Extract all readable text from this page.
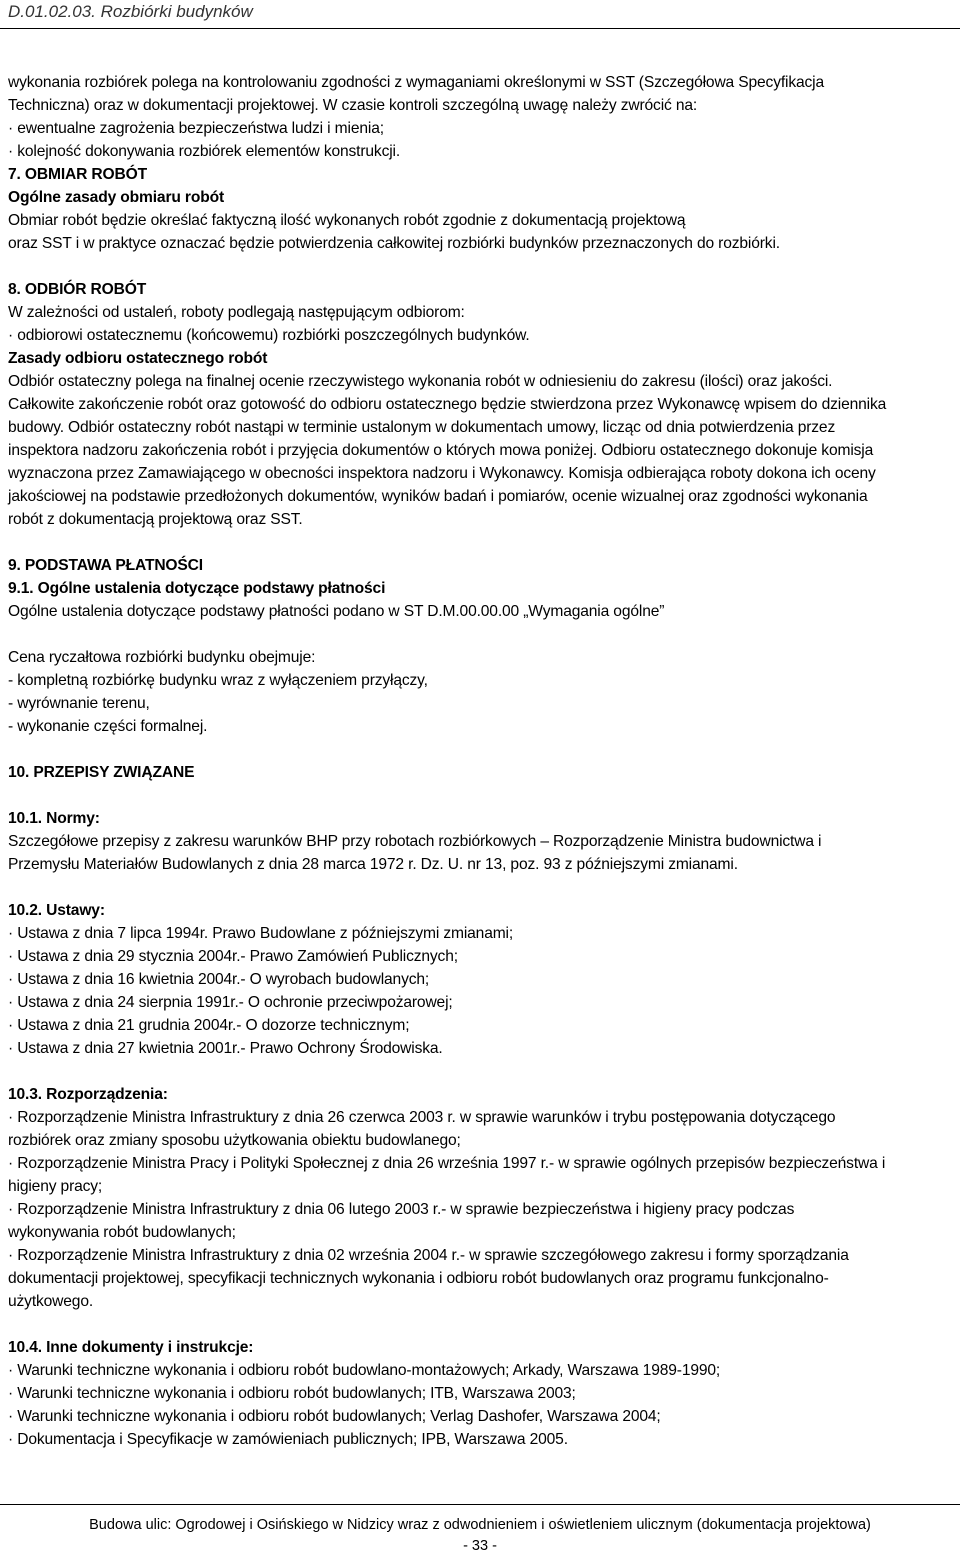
D.01.02.03. Rozbiórki budynków

wykonania rozbiórek polega na kontrolowaniu zgodności z wymaganiami określonymi w SST (Szczegółowa Specyfikacja

Techniczna) oraz w dokumentacji projektowej. W czasie kontroli szczególną uwagę należy zwrócić na:

· ewentualne zagrożenia bezpieczeństwa ludzi i mienia;

· kolejność dokonywania rozbiórek elementów konstrukcji.

7. OBMIAR ROBÓT

Ogólne zasady obmiaru robót

Obmiar robót będzie określać faktyczną ilość wykonanych robót zgodnie z dokumentacją projektową

oraz SST i w praktyce oznaczać będzie potwierdzenia całkowitej rozbiórki budynków przeznaczonych do rozbiórki.

8. ODBIÓR ROBÓT

W zależności od ustaleń, roboty podlegają następującym odbiorom:

· odbiorowi ostatecznemu (końcowemu) rozbiórki poszczególnych budynków.

Zasady odbioru ostatecznego robót

Odbiór ostateczny polega na finalnej ocenie rzeczywistego wykonania robót w odniesieniu do zakresu (ilości) oraz jakości.

Całkowite zakończenie robót oraz gotowość do odbioru ostatecznego będzie stwierdzona przez Wykonawcę wpisem do dziennika

budowy. Odbiór ostateczny robót nastąpi w terminie ustalonym w dokumentach umowy, licząc od dnia potwierdzenia przez

inspektora nadzoru zakończenia robót i przyjęcia dokumentów o których mowa poniżej. Odbioru ostatecznego dokonuje komisja

wyznaczona przez Zamawiającego w obecności inspektora nadzoru i Wykonawcy. Komisja odbierająca roboty dokona ich oceny

jakościowej na podstawie przedłożonych dokumentów, wyników badań i pomiarów, ocenie wizualnej oraz zgodności wykonania

robót z dokumentacją projektową oraz SST.

9. PODSTAWA PŁATNOŚCI

9.1. Ogólne ustalenia dotyczące podstawy płatności

Ogólne ustalenia dotyczące podstawy płatności podano w ST D.M.00.00.00 „Wymagania ogólne”

Cena ryczałtowa rozbiórki budynku obejmuje:

- kompletną rozbiórkę budynku wraz z wyłączeniem przyłączy,

- wyrównanie terenu,

- wykonanie części formalnej.

10. PRZEPISY ZWIĄZANE

10.1. Normy:

Szczegółowe przepisy z zakresu warunków BHP przy robotach rozbiórkowych – Rozporządzenie Ministra budownictwa i

Przemysłu Materiałów Budowlanych z dnia 28 marca 1972 r. Dz. U. nr 13, poz. 93 z późniejszymi zmianami.

10.2. Ustawy:

· Ustawa z dnia 7 lipca 1994r. Prawo Budowlane z późniejszymi zmianami;

· Ustawa z dnia 29 stycznia 2004r.- Prawo Zamówień Publicznych;

· Ustawa z dnia 16 kwietnia 2004r.- O wyrobach budowlanych;

· Ustawa z dnia 24 sierpnia 1991r.- O ochronie przeciwpożarowej;

· Ustawa z dnia 21 grudnia 2004r.- O dozorze technicznym;

· Ustawa z dnia 27 kwietnia 2001r.- Prawo Ochrony Środowiska.

10.3. Rozporządzenia:

· Rozporządzenie Ministra Infrastruktury z dnia 26 czerwca 2003 r. w sprawie warunków i trybu postępowania dotyczącego

rozbiórek oraz zmiany sposobu użytkowania obiektu budowlanego;

· Rozporządzenie Ministra Pracy i Polityki Społecznej z dnia 26 września 1997 r.- w sprawie ogólnych przepisów bezpieczeństwa i

higieny pracy;

· Rozporządzenie Ministra Infrastruktury z dnia 06 lutego 2003 r.- w sprawie bezpieczeństwa i higieny pracy podczas

wykonywania robót budowlanych;

· Rozporządzenie Ministra Infrastruktury z dnia 02 września 2004 r.- w sprawie szczegółowego zakresu i formy sporządzania

dokumentacji projektowej, specyfikacji technicznych wykonania i odbioru robót budowlanych oraz programu funkcjonalno-

użytkowego.

10.4. Inne dokumenty i instrukcje:

· Warunki techniczne wykonania i odbioru robót budowlano-montażowych; Arkady, Warszawa 1989-1990;

· Warunki techniczne wykonania i odbioru robót budowlanych; ITB, Warszawa 2003;

· Warunki techniczne wykonania i odbioru robót budowlanych; Verlag Dashofer, Warszawa 2004;

· Dokumentacja i Specyfikacje w zamówieniach publicznych; IPB, Warszawa 2005.

Budowa ulic: Ogrodowej i Osińskiego w Nidzicy wraz z odwodnieniem i oświetleniem ulicznym (dokumentacja projektowa)
- 33 -
